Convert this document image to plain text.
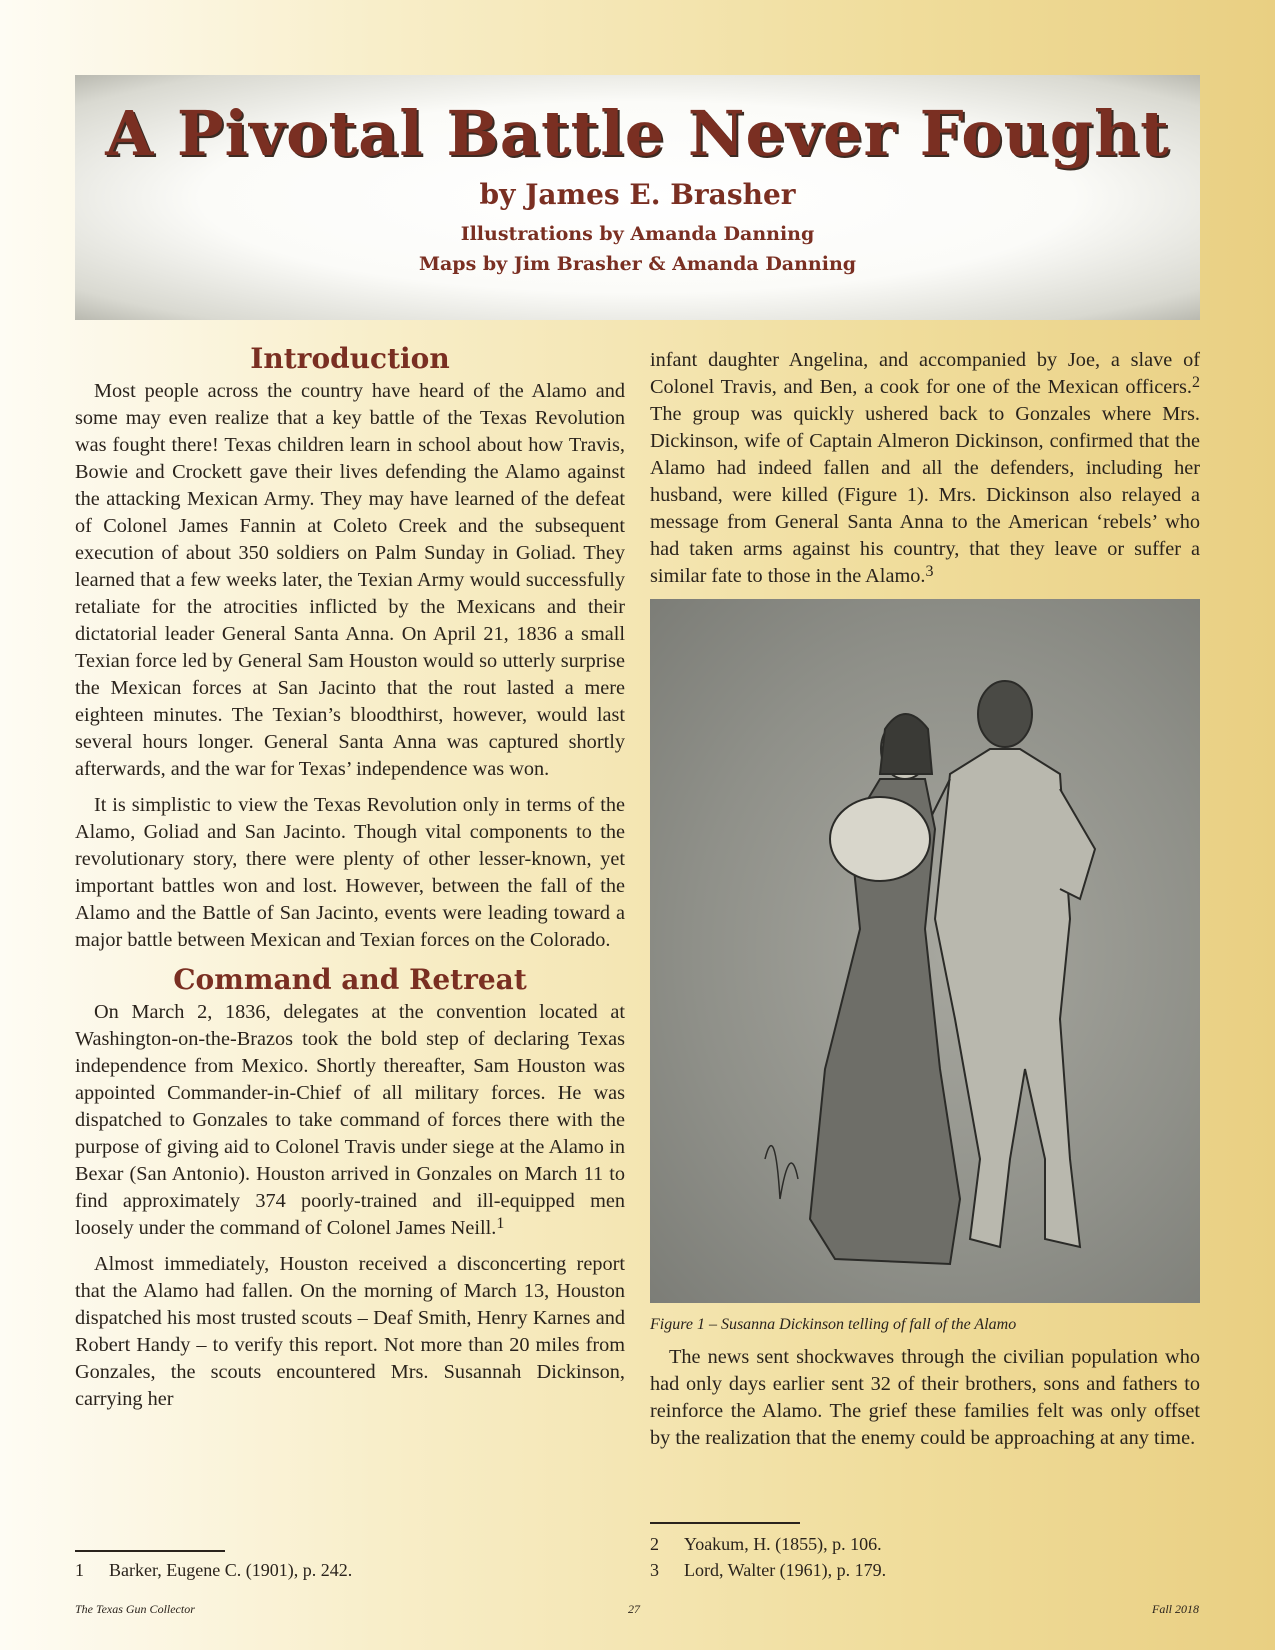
A Pivotal Battle Never Fought
by James E. Brasher
Illustrations by Amanda Danning
Maps by Jim Brasher & Amanda Danning
Introduction

Most people across the country have heard of the Alamo and some may even realize that a key battle of the Texas Revolution was fought there! Texas children learn in school about how Travis, Bowie and Crockett gave their lives defending the Alamo against the attacking Mexican Army. They may have learned of the defeat of Colonel James Fannin at Coleto Creek and the subsequent execution of about 350 soldiers on Palm Sunday in Goliad. They learned that a few weeks later, the Texian Army would successfully retaliate for the atrocities inflicted by the Mexicans and their dictatorial leader General Santa Anna. On April 21, 1836 a small Texian force led by General Sam Houston would so utterly surprise the Mexican forces at San Jacinto that the rout lasted a mere eighteen minutes. The Texian’s bloodthirst, however, would last several hours longer. General Santa Anna was captured shortly afterwards, and the war for Texas’ independence was won.

It is simplistic to view the Texas Revolution only in terms of the Alamo, Goliad and San Jacinto. Though vital components to the revolutionary story, there were plenty of other lesser-known, yet important battles won and lost. However, between the fall of the Alamo and the Battle of San Jacinto, events were leading toward a major battle between Mexican and Texian forces on the Colorado.

Command and Retreat

On March 2, 1836, delegates at the convention located at Washington-on-the-Brazos took the bold step of declaring Texas independence from Mexico. Shortly thereafter, Sam Houston was appointed Commander-in-Chief of all military forces. He was dispatched to Gonzales to take command of forces there with the purpose of giving aid to Colonel Travis under siege at the Alamo in Bexar (San Antonio). Houston arrived in Gonzales on March 11 to find approximately 374 poorly-trained and ill-equipped men loosely under the command of Colonel James Neill.$^1$

Almost immediately, Houston received a disconcerting report that the Alamo had fallen. On the morning of March 13, Houston dispatched his most trusted scouts – Deaf Smith, Henry Karnes and Robert Handy – to verify this report. Not more than 20 miles from Gonzales, the scouts encountered Mrs. Susannah Dickinson, carrying her

infant daughter Angelina, and accompanied by Joe, a slave of Colonel Travis, and Ben, a cook for one of the Mexican officers.$^2$ The group was quickly ushered back to Gonzales where Mrs. Dickinson, wife of Captain Almeron Dickinson, confirmed that the Alamo had indeed fallen and all the defenders, including her husband, were killed (Figure 1). Mrs. Dickinson also relayed a message from General Santa Anna to the American ‘rebels’ who had taken arms against his country, that they leave or suffer a similar fate to those in the Alamo.$^3$

Figure 1 – Susanna Dickinson telling of fall of the Alamo

The news sent shockwaves through the civilian population who had only days earlier sent 32 of their brothers, sons and fathers to reinforce the Alamo. The grief these families felt was only offset by the realization that the enemy could be approaching at any time.

1 Barker, Eugene C. (1901), p. 242.
2 Yoakum, H. (1855), p. 106.
3 Lord, Walter (1961), p. 179.
The Texas Gun Collector	27	Fall 2018
